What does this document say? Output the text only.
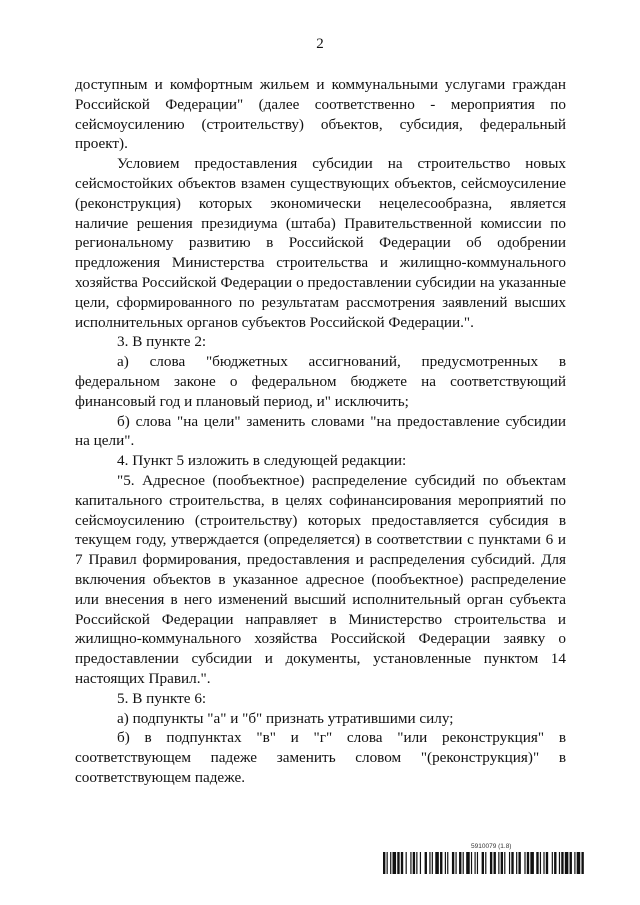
2

доступным и комфортным жильем и коммунальными услугами граждан Российской Федерации" (далее соответственно - мероприятия по сейсмоусилению (строительству) объектов, субсидия, федеральный проект).

Условием предоставления субсидии на строительство новых сейсмостойких объектов взамен существующих объектов, сейсмоусиление (реконструкция) которых экономически нецелесообразна, является наличие решения президиума (штаба) Правительственной комиссии по региональному развитию в Российской Федерации об одобрении предложения Министерства строительства и жилищно-коммунального хозяйства Российской Федерации о предоставлении субсидии на указанные цели, сформированного по результатам рассмотрения заявлений высших исполнительных органов субъектов Российской Федерации.".

3. В пункте 2:

а) слова "бюджетных ассигнований, предусмотренных в федеральном законе о федеральном бюджете на соответствующий финансовый год и плановый период, и" исключить;

б) слова "на цели" заменить словами "на предоставление субсидии на цели".

4. Пункт 5 изложить в следующей редакции:

"5. Адресное (пообъектное) распределение субсидий по объектам капитального строительства, в целях софинансирования мероприятий по сейсмоусилению (строительству) которых предоставляется субсидия в текущем году, утверждается (определяется) в соответствии с пунктами 6 и 7 Правил формирования, предоставления и распределения субсидий. Для включения объектов в указанное адресное (пообъектное) распределение или внесения в него изменений высший исполнительный орган субъекта Российской Федерации направляет в Министерство строительства и жилищно-коммунального хозяйства Российской Федерации заявку о предоставлении субсидии и документы, установленные пунктом 14 настоящих Правил.".

5. В пункте 6:

а) подпункты "а" и "б" признать утратившими силу;

б) в подпунктах "в" и "г" слова "или реконструкция" в соответствующем падеже заменить словом "(реконструкция)" в соответствующем падеже.

5910079 (1.8)
